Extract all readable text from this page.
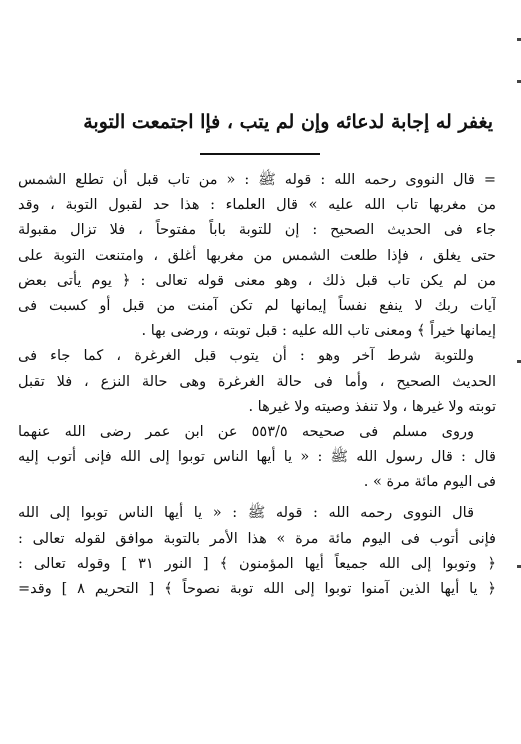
يغفر له إجابة لدعائه وإن لم يتب ، فإا اجتمعت التوبة
= قال النووى رحمه الله : قوله ﷺ : « من تاب قبل أن تطلع الشمس
من مغربها تاب الله عليه » قال العلماء : هذا حد لقبول التوبة ، وقد
جاء فى الحديث الصحيح : إن للتوبة باباً مفتوحاً ، فلا تزال مقبولة
حتى يغلق ، فإذا طلعت الشمس من مغربها أغلق ، وامتنعت التوبة على
من لم يكن تاب قبل ذلك ، وهو معنى قوله تعالى : ﴿ يوم يأتى بعض
آيات ربك لا ينفع نفساً إيمانها لم تكن آمنت من قبل أو كسبت فى
إيمانها خيراً ﴾ ومعنى تاب الله عليه : قبل توبته ، ورضى بها .
وللتوبة شرط آخر وهو : أن يتوب قبل الغرغرة ، كما جاء فى
الحديث الصحيح ، وأما فى حالة الغرغرة وهى حالة النزع ، فلا تقبل
توبته ولا غيرها ، ولا تنفذ وصيته ولا غيرها .
وروى مسلم فى صحيحه ٥٥٣/٥ عن ابن عمر رضى الله عنهما
قال : قال رسول الله ﷺ : « يا أيها الناس توبوا إلى الله فإنى أتوب إليه
فى اليوم مائة مرة » .
قال النووى رحمه الله : قوله ﷺ : « يا أيها الناس توبوا إلى الله
فإنى أتوب فى اليوم مائة مرة » هذا الأمر بالتوبة موافق لقوله تعالى :
﴿ وتوبوا إلى الله جميعاً أيها المؤمنون ﴾ [ النور ٣١ ] وقوله تعالى :
﴿ يا أيها الذين آمنوا توبوا إلى الله توبة نصوحاً ﴾ [ التحريم ٨ ] وقد=
